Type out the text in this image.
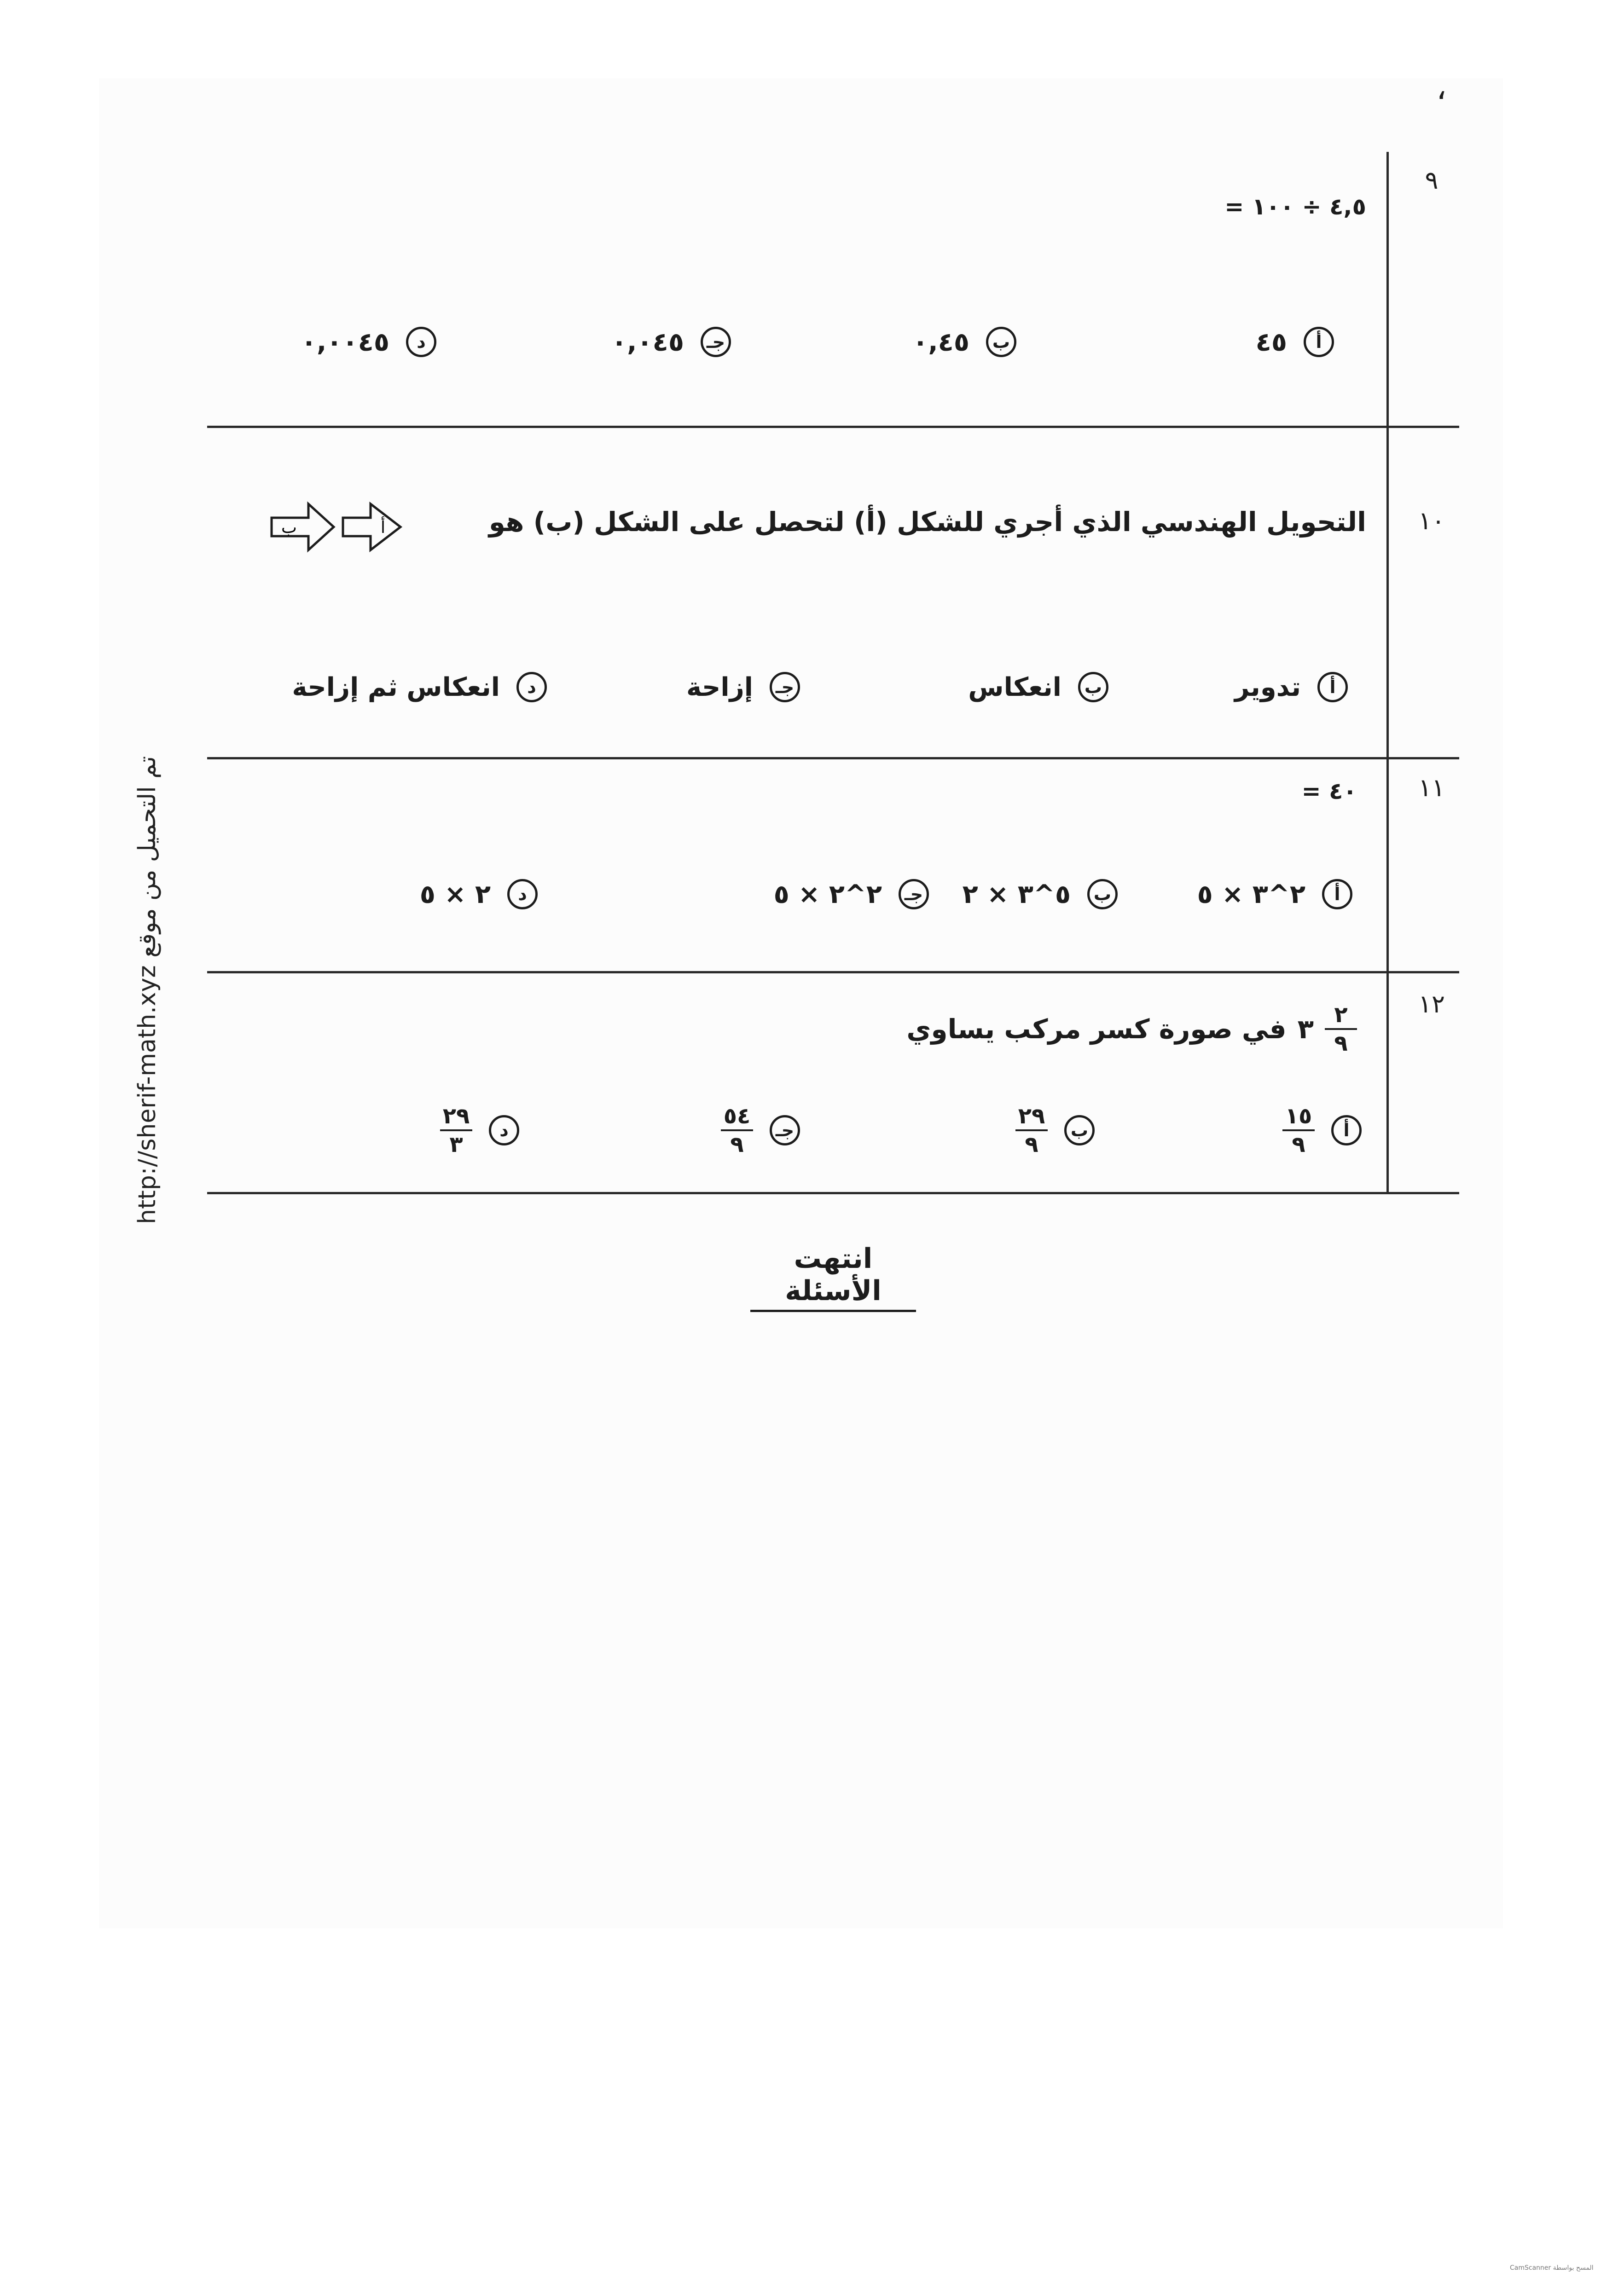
،
http://sherif-math.xyz تم التحميل من موقع
٩
٤,٥ ÷ ١٠٠ =
أ
٤٥
ب
٠,٤٥
جـ
٠,٠٤٥
د
٠,٠٠٤٥
١٠
التحويل الهندسي الذي أجري للشكل (أ) لتحصل على الشكل (ب) هو
ب	أ
أ
تدوير
ب
انعكاس
جـ
إزاحة
د
انعكاس ثم إزاحة
١١
٤٠ =
أ
٢^٣ × ٥
ب
٥^٣ × ٢
جـ
٢^٢ × ٥
د
٢ × ٥
١٢
$\frac{٢}{٩}$
٣
في صورة كسر مركب يساوي
أ
$\frac{١٥}{٩}$
ب
$\frac{٢٩}{٩}$
جـ
$\frac{٥٤}{٩}$
د
$\frac{٢٩}{٣}$
انتهت الأسئلة
CamScanner المسح بواسطة
